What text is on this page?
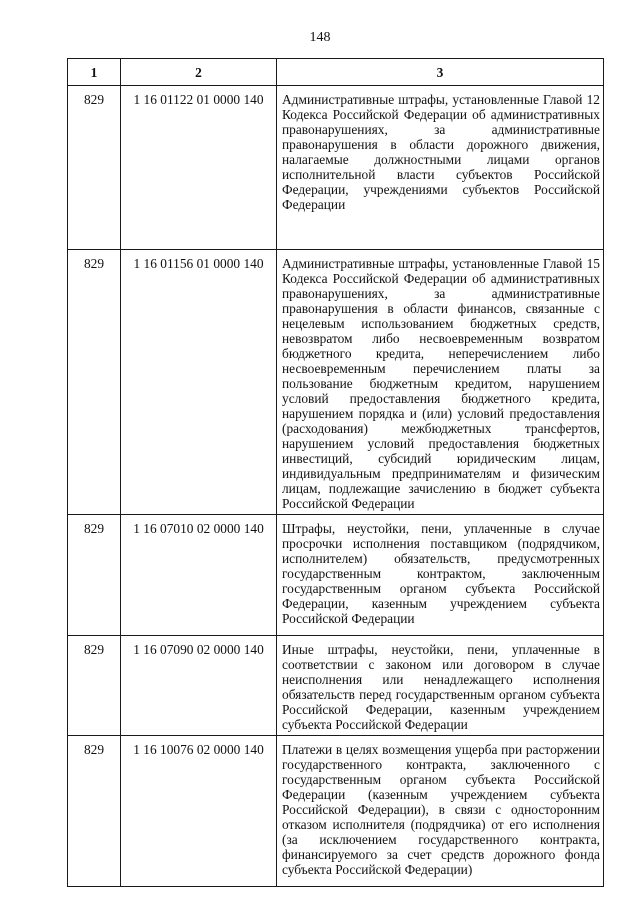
148
1	2	3
829	1 16 01122 01 0000 140	Административные штрафы, установленные Главой 12 Кодекса Российской Федерации об административных правонарушениях, за административные правонарушения в области дорожного движения, налагаемые должностными лицами органов исполнительной власти субъектов Российской Федерации, учреждениями субъектов Российской Федерации

829	1 16 01156 01 0000 140	Административные штрафы, установленные Главой 15 Кодекса Российской Федерации об административных правонарушениях, за административные правонарушения в области финансов, связанные с нецелевым использованием бюджетных средств, невозвратом либо несвоевременным возвратом бюджетного кредита, неперечислением либо несвоевременным перечислением платы за пользование бюджетным кредитом, нарушением условий предоставления бюджетного кредита, нарушением порядка и (или) условий предоставления (расходования) межбюджетных трансфертов, нарушением условий предоставления бюджетных инвестиций, субсидий юридическим лицам, индивидуальным предпринимателям и физическим лицам, подлежащие зачислению в бюджет субъекта Российской Федерации

829	1 16 07010 02 0000 140	Штрафы, неустойки, пени, уплаченные в случае просрочки исполнения поставщиком (подрядчиком, исполнителем) обязательств, предусмотренных государственным контрактом, заключенным государственным органом субъекта Российской Федерации, казенным учреждением субъекта Российской Федерации

829	1 16 07090 02 0000 140	Иные штрафы, неустойки, пени, уплаченные в соответствии с законом или договором в случае неисполнения или ненадлежащего исполнения обязательств перед государственным органом субъекта Российской Федерации, казенным учреждением субъекта Российской Федерации

829	1 16 10076 02 0000 140	Платежи в целях возмещения ущерба при расторжении государственного контракта, заключенного с государственным органом субъекта Российской Федерации (казенным учреждением субъекта Российской Федерации), в связи с односторонним отказом исполнителя (подрядчика) от его исполнения (за исключением государственного контракта, финансируемого за счет средств дорожного фонда субъекта Российской Федерации)
